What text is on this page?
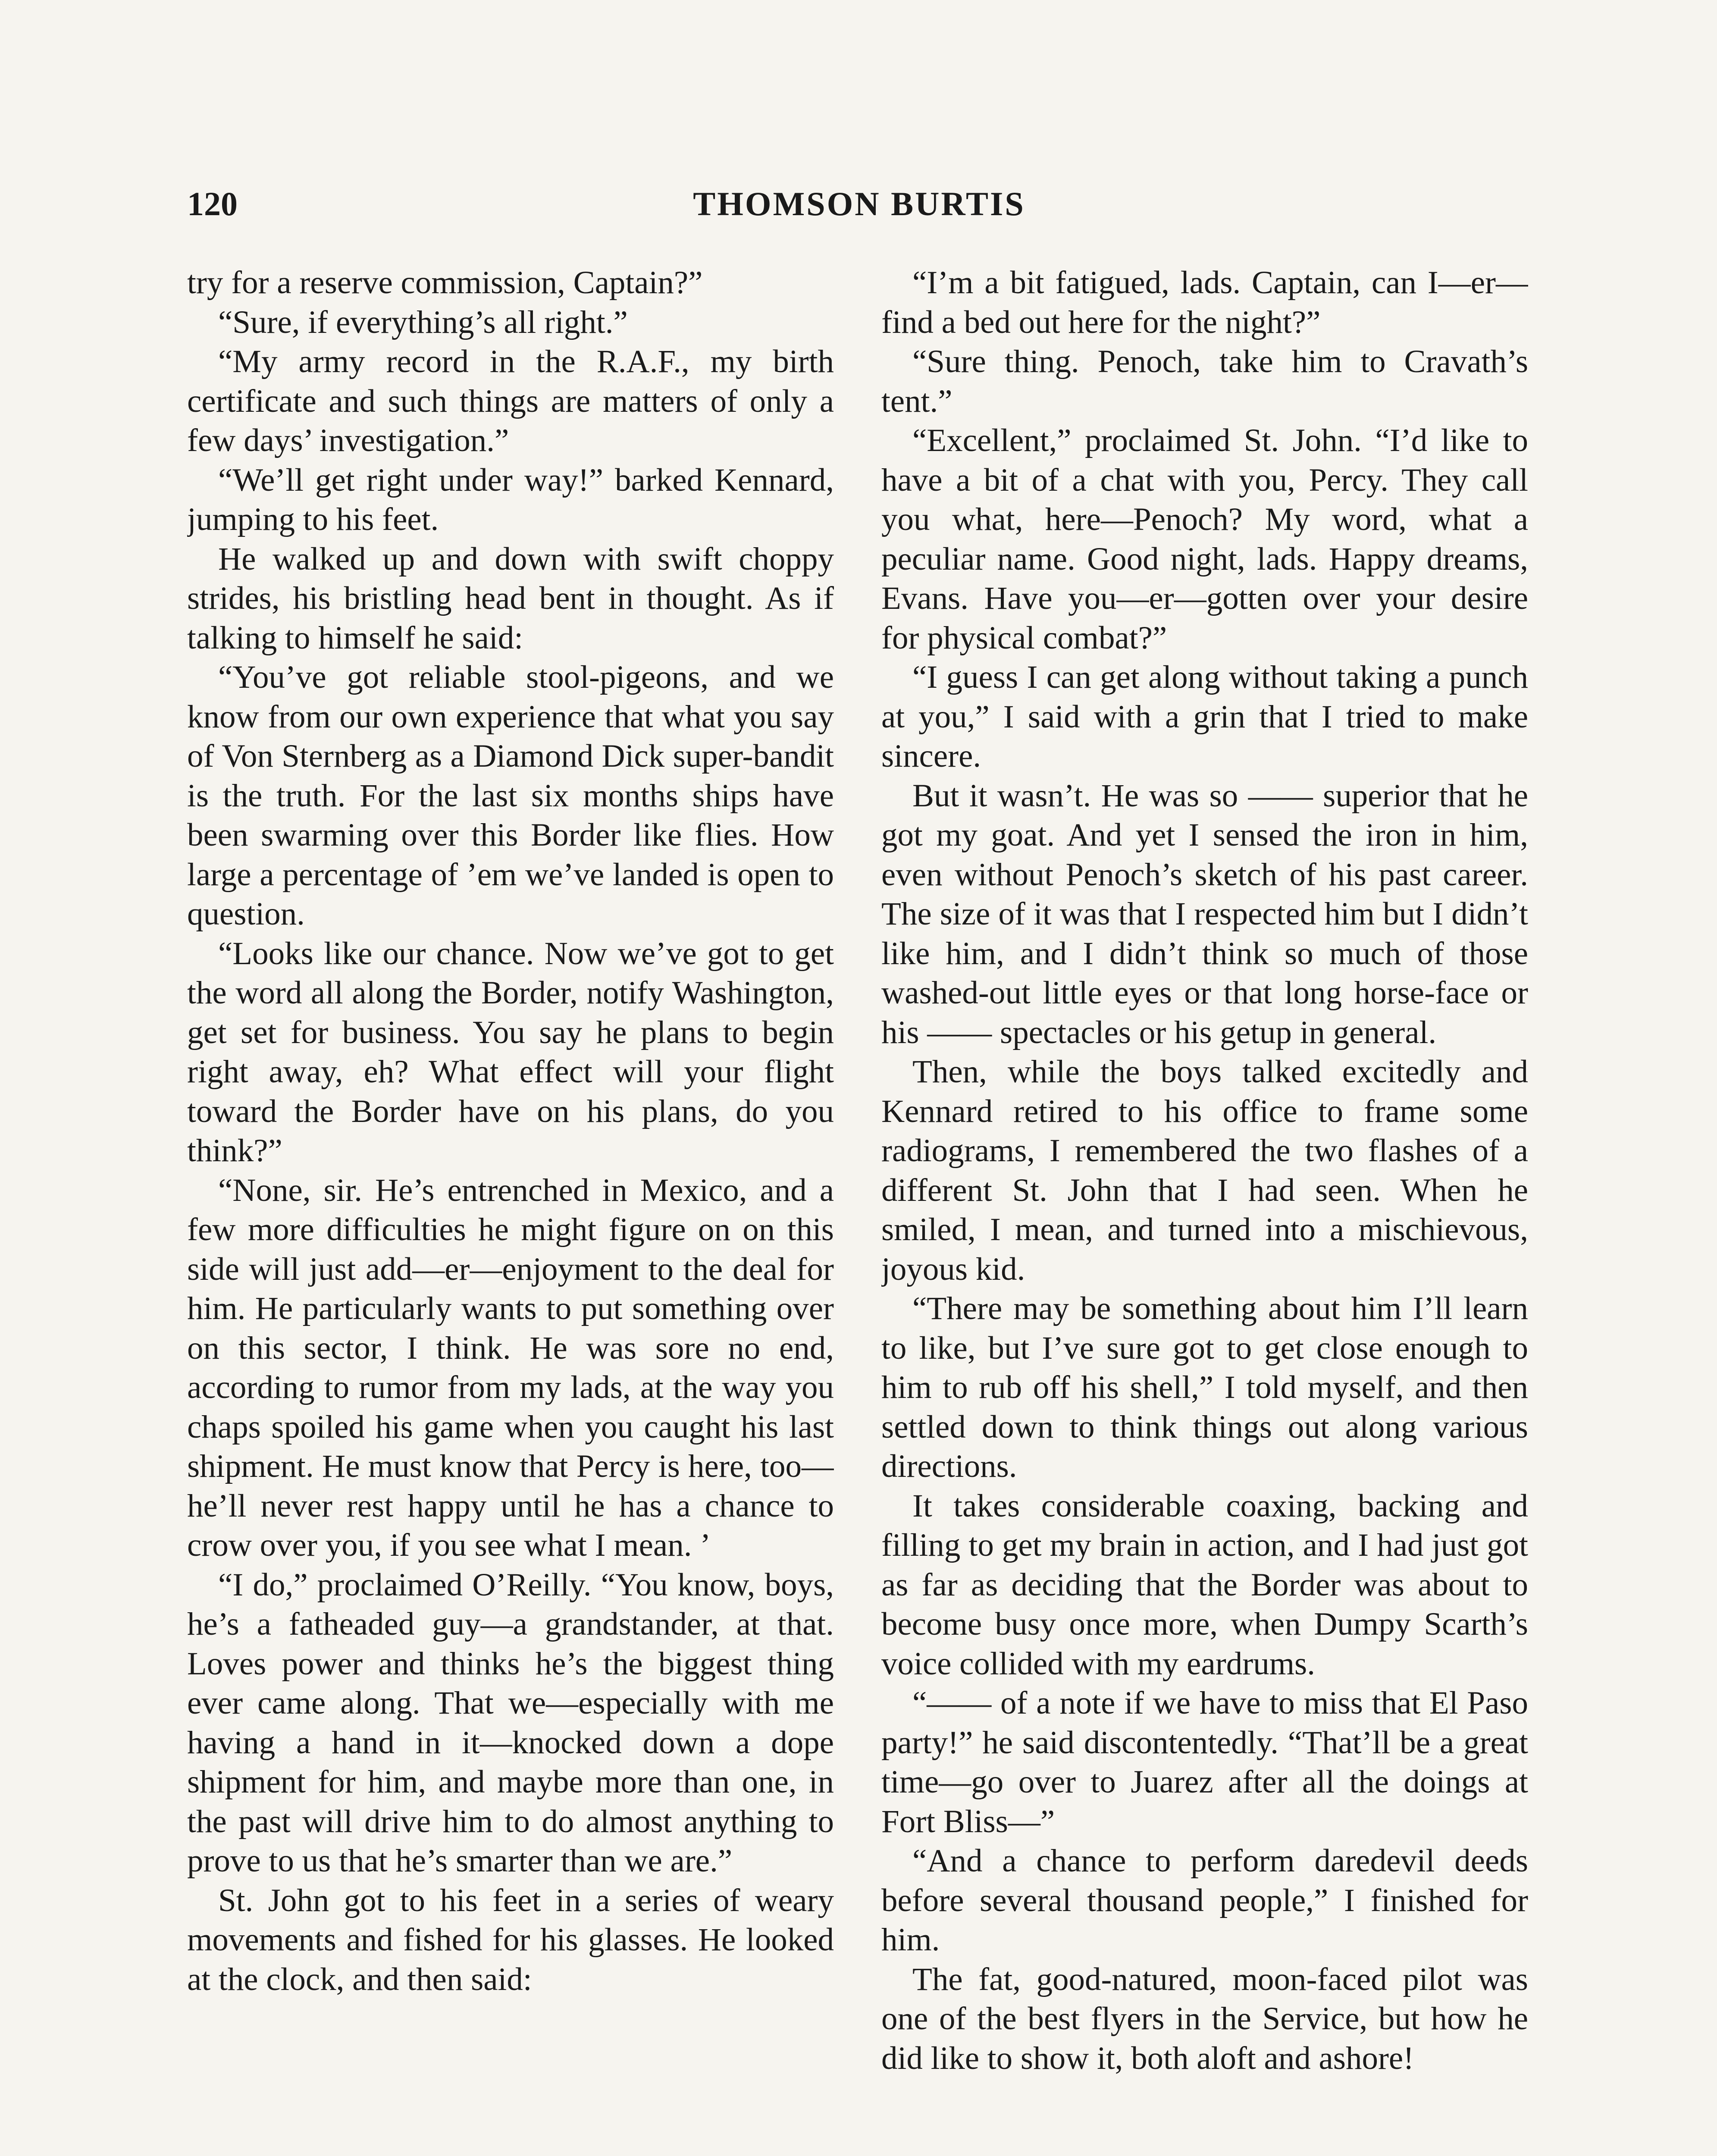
120	THOMSON BURTIS

try for a reserve commission, Captain?”

“Sure, if everything’s all right.”

“My army record in the R.A.F., my birth certificate and such things are matters of only a few days’ investigation.”

“We’ll get right under way!” barked Kennard, jumping to his feet.

He walked up and down with swift choppy strides, his bristling head bent in thought. As if talking to himself he said:

“You’ve got reliable stool-pigeons, and we know from our own experience that what you say of Von Sternberg as a Diamond Dick super-bandit is the truth. For the last six months ships have been swarming over this Border like flies. How large a percentage of ’em we’ve landed is open to question.

“Looks like our chance. Now we’ve got to get the word all along the Border, notify Washington, get set for business. You say he plans to begin right away, eh? What effect will your flight toward the Border have on his plans, do you think?”

“None, sir. He’s entrenched in Mexico, and a few more difficulties he might figure on on this side will just add—er—enjoyment to the deal for him. He particularly wants to put something over on this sector, I think. He was sore no end, according to rumor from my lads, at the way you chaps spoiled his game when you caught his last shipment. He must know that Percy is here, too—he’ll never rest happy until he has a chance to crow over you, if you see what I mean. ’

“I do,” proclaimed O’Reilly. “You know, boys, he’s a fatheaded guy—a grandstander, at that. Loves power and thinks he’s the biggest thing ever came along. That we—especially with me having a hand in it—knocked down a dope shipment for him, and maybe more than one, in the past will drive him to do almost anything to prove to us that he’s smarter than we are.”

St. John got to his feet in a series of weary movements and fished for his glasses. He looked at the clock, and then said:

“I’m a bit fatigued, lads. Captain, can I—er—find a bed out here for the night?”

“Sure thing. Penoch, take him to Cravath’s tent.”

“Excellent,” proclaimed St. John. “I’d like to have a bit of a chat with you, Percy. They call you what, here—Penoch? My word, what a peculiar name. Good night, lads. Happy dreams, Evans. Have you—er—gotten over your desire for physical combat?”

“I guess I can get along without taking a punch at you,” I said with a grin that I tried to make sincere.

But it wasn’t. He was so —— superior that he got my goat. And yet I sensed the iron in him, even without Penoch’s sketch of his past career. The size of it was that I respected him but I didn’t like him, and I didn’t think so much of those washed-out little eyes or that long horse-face or his —— spectacles or his getup in general.

Then, while the boys talked excitedly and Kennard retired to his office to frame some radiograms, I remembered the two flashes of a different St. John that I had seen. When he smiled, I mean, and turned into a mischievous, joyous kid.

“There may be something about him I’ll learn to like, but I’ve sure got to get close enough to him to rub off his shell,” I told myself, and then settled down to think things out along various directions.

It takes considerable coaxing, backing and filling to get my brain in action, and I had just got as far as deciding that the Border was about to become busy once more, when Dumpy Scarth’s voice collided with my eardrums.

“—— of a note if we have to miss that El Paso party!” he said discontentedly. “That’ll be a great time—go over to Juarez after all the doings at Fort Bliss—”

“And a chance to perform daredevil deeds before several thousand people,” I finished for him.

The fat, good-natured, moon-faced pilot was one of the best flyers in the Service, but how he did like to show it, both aloft and ashore!
